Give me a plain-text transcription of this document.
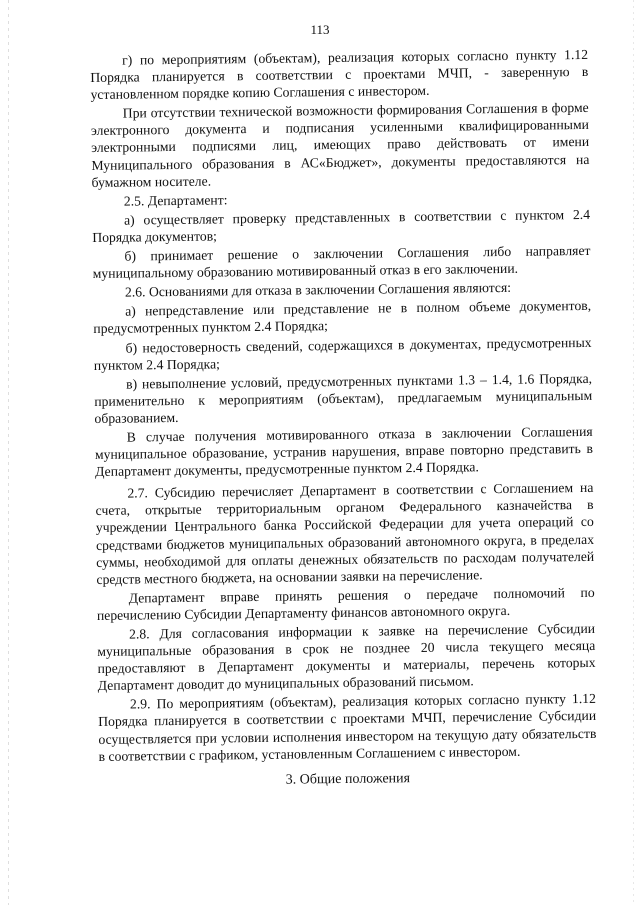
113

г) по мероприятиям (объектам), реализация которых согласно пункту 1.12 Порядка планируется в соответствии с проектами МЧП, - заверенную в установленном порядке копию Соглашения с инвестором.

При отсутствии технической возможности формирования Соглашения в форме электронного документа и подписания усиленными квалифицированными электронными подписями лиц, имеющих право действовать от имени Муниципального образования в АС«Бюджет», документы предоставляются на бумажном носителе.

2.5. Департамент:

а) осуществляет проверку представленных в соответствии с пунктом 2.4 Порядка документов;

б) принимает решение о заключении Соглашения либо направляет муниципальному образованию мотивированный отказ в его заключении.

2.6. Основаниями для отказа в заключении Соглашения являются:

а) непредставление или представление не в полном объеме документов, предусмотренных пунктом 2.4 Порядка;

б) недостоверность сведений, содержащихся в документах, предусмотренных пунктом 2.4 Порядка;

в) невыполнение условий, предусмотренных пунктами 1.3 – 1.4, 1.6 Порядка, применительно к мероприятиям (объектам), предлагаемым муниципальным образованием.

В случае получения мотивированного отказа в заключении Соглашения муниципальное образование, устранив нарушения, вправе повторно представить в Департамент документы, предусмотренные пунктом 2.4 Порядка.

2.7. Субсидию перечисляет Департамент в соответствии с Соглашением на счета, открытые территориальным органом Федерального казначейства в учреждении Центрального банка Российской Федерации для учета операций со средствами бюджетов муниципальных образований автономного округа, в пределах суммы, необходимой для оплаты денежных обязательств по расходам получателей средств местного бюджета, на основании заявки на перечисление.

Департамент вправе принять решения о передаче полномочий по перечислению Субсидии Департаменту финансов автономного округа.

2.8. Для согласования информации к заявке на перечисление Субсидии муниципальные образования в срок не позднее 20 числа текущего месяца предоставляют в Департамент документы и материалы, перечень которых Департамент доводит до муниципальных образований письмом.

2.9. По мероприятиям (объектам), реализация которых согласно пункту 1.12 Порядка планируется в соответствии с проектами МЧП, перечисление Субсидии осуществляется при условии исполнения инвестором на текущую дату обязательств в соответствии с графиком, установленным Соглашением с инвестором.

3. Общие положения
